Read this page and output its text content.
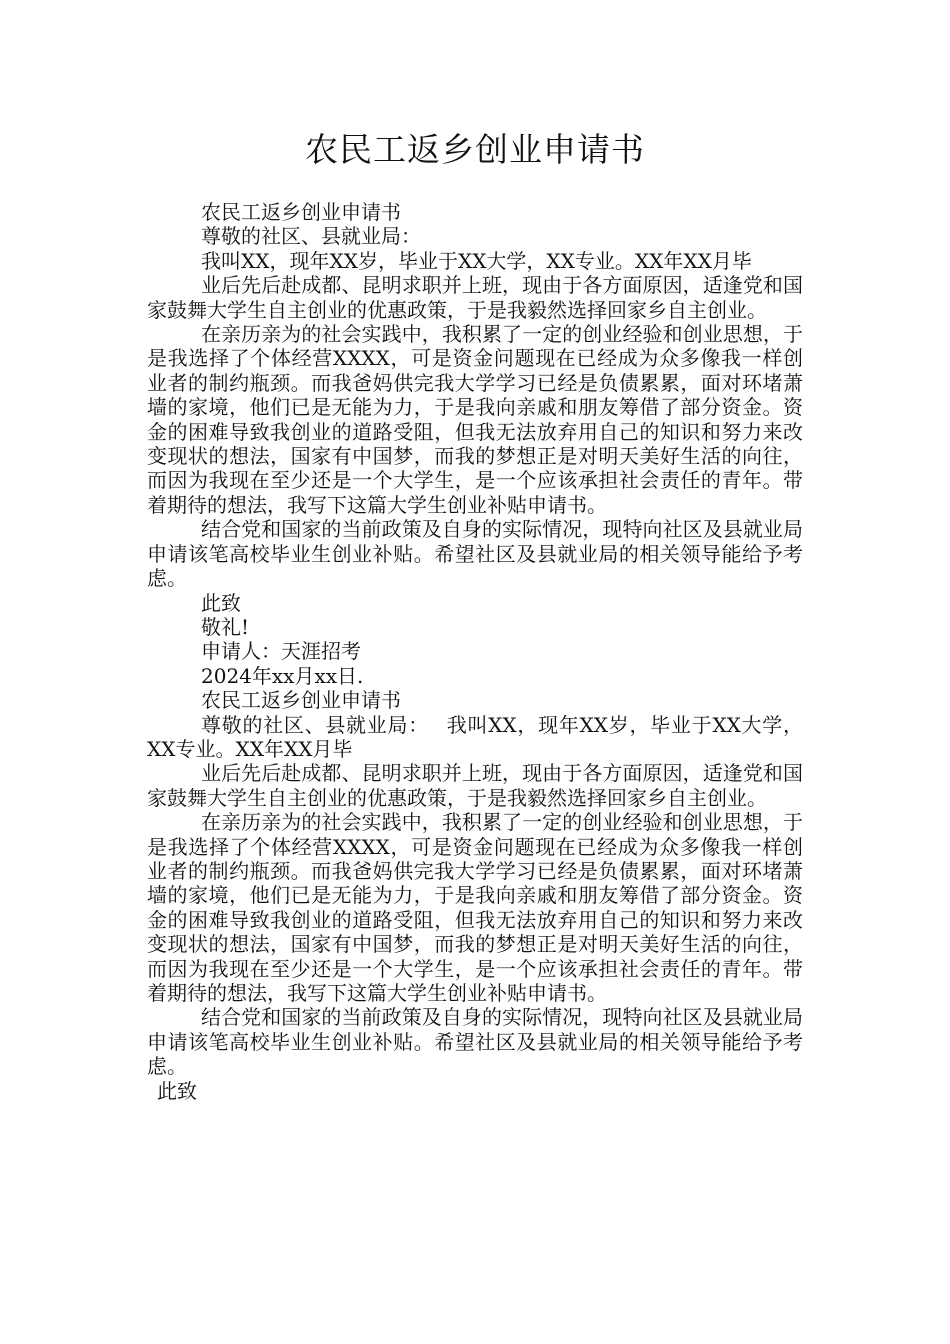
农民工返乡创业申请书

农民工返乡创业申请书

尊敬的社区、县就业局：

我叫XX，现年XX岁，毕业于XX大学，XX专业。XX年XX月毕

业后先后赴成都、昆明求职并上班，现由于各方面原因，适逢党和国家鼓舞大学生自主创业的优惠政策，于是我毅然选择回家乡自主创业。

在亲历亲为的社会实践中，我积累了一定的创业经验和创业思想，于是我选择了个体经营XXXX，可是资金问题现在已经成为众多像我一样创业者的制约瓶颈。而我爸妈供完我大学学习已经是负债累累，面对环堵萧墙的家境，他们已是无能为力，于是我向亲戚和朋友筹借了部分资金。资金的困难导致我创业的道路受阻，但我无法放弃用自己的知识和努力来改变现状的想法，国家有中国梦，而我的梦想正是对明天美好生活的向往，而因为我现在至少还是一个大学生，是一个应该承担社会责任的青年。带着期待的想法，我写下这篇大学生创业补贴申请书。

结合党和国家的当前政策及自身的实际情况，现特向社区及县就业局申请该笔高校毕业生创业补贴。希望社区及县就业局的相关领导能给予考虑。

此致

敬礼!

申请人：天涯招考

2024年xx月xx日.

农民工返乡创业申请书

尊敬的社区、县就业局：　 我叫XX，现年XX岁，毕业于XX大学，XX专业。XX年XX月毕

业后先后赴成都、昆明求职并上班，现由于各方面原因，适逢党和国家鼓舞大学生自主创业的优惠政策，于是我毅然选择回家乡自主创业。

在亲历亲为的社会实践中，我积累了一定的创业经验和创业思想，于是我选择了个体经营XXXX，可是资金问题现在已经成为众多像我一样创业者的制约瓶颈。而我爸妈供完我大学学习已经是负债累累，面对环堵萧墙的家境，他们已是无能为力，于是我向亲戚和朋友筹借了部分资金。资金的困难导致我创业的道路受阻，但我无法放弃用自己的知识和努力来改变现状的想法，国家有中国梦，而我的梦想正是对明天美好生活的向往，而因为我现在至少还是一个大学生，是一个应该承担社会责任的青年。带着期待的想法，我写下这篇大学生创业补贴申请书。

结合党和国家的当前政策及自身的实际情况，现特向社区及县就业局申请该笔高校毕业生创业补贴。希望社区及县就业局的相关领导能给予考虑。

此致
